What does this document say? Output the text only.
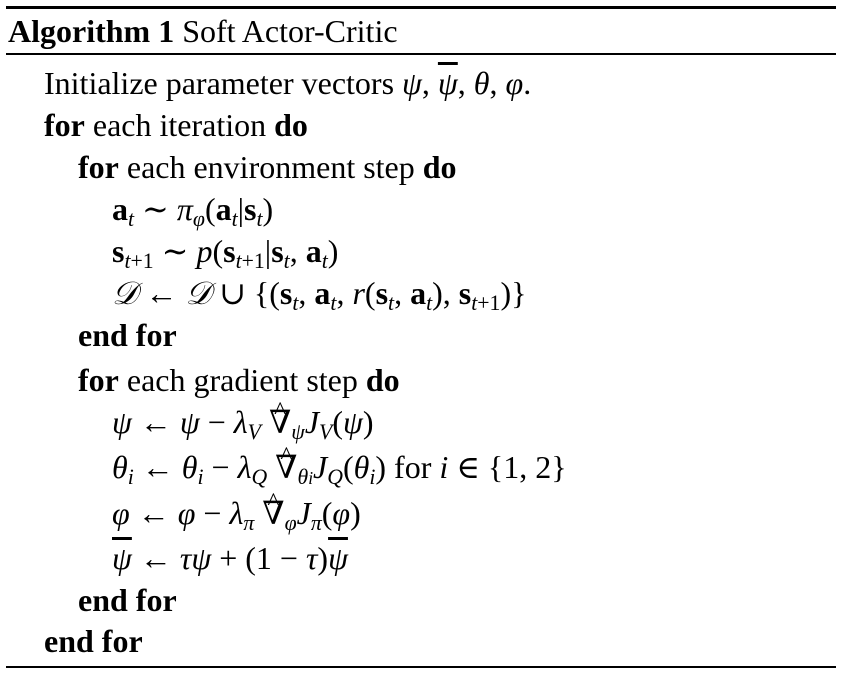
Algorithm 1 Soft Actor-Critic
Initialize parameter vectors ψ, $\overline{\psi}$, θ, φ.
for each iteration do
for each environment step do
$a_t$ ∼ $\pi_\varphi(a_t|s_t)$
$s_{t+1}$ ∼ $p(s_{t+1}|s_t$, $a_t$)
𝒟 ← 𝒟 ∪ {($s_t$, $a_t$, $r(s_t$, $a_t$), $s_{t+1}$)}
end for
for each gradient step do
ψ ← $\psi - \lambda_V$ ^ $\nabla_\psi J_V(\psi)$
$\theta_i$ ← $\theta_i - \lambda_Q$ ^ $\nabla_{\theta i}J_Q(\theta_i)$ for i ∈ {1, 2}
φ ← $\varphi - \lambda_\pi$ ^ $\nabla_\varphi J_\pi(\varphi)$
$\overline{\psi}$ ← $\tau\psi + (1 - \tau)\overline{\psi}$
end for
end for
